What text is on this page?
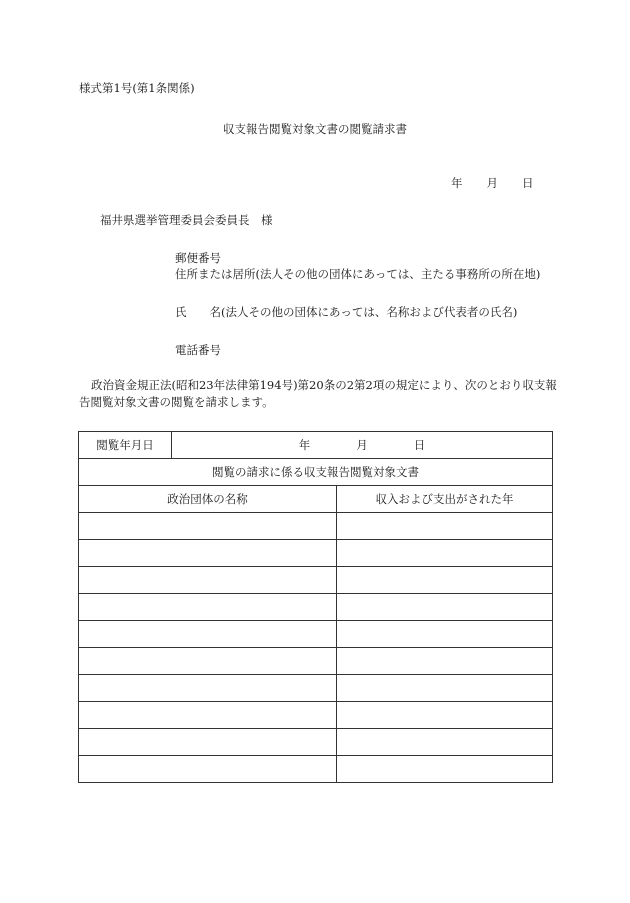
様式第1号(第1条関係)
収支報告閲覧対象文書の閲覧請求書
年 月 日
福井県選挙管理委員会委員長　様
郵便番号
住所または居所(法人その他の団体にあっては、主たる事務所の所在地)
氏　　名(法人その他の団体にあっては、名称および代表者の氏名)
電話番号
政治資金規正法(昭和23年法律第194号)第20条の2第2項の規定により、次のとおり収支報告閲覧対象文書の閲覧を請求します。
閲覧年月日	年 月 日	
閲覧の請求に係る収支報告閲覧対象文書		
政治団体の名称		収入および支出がされた年
